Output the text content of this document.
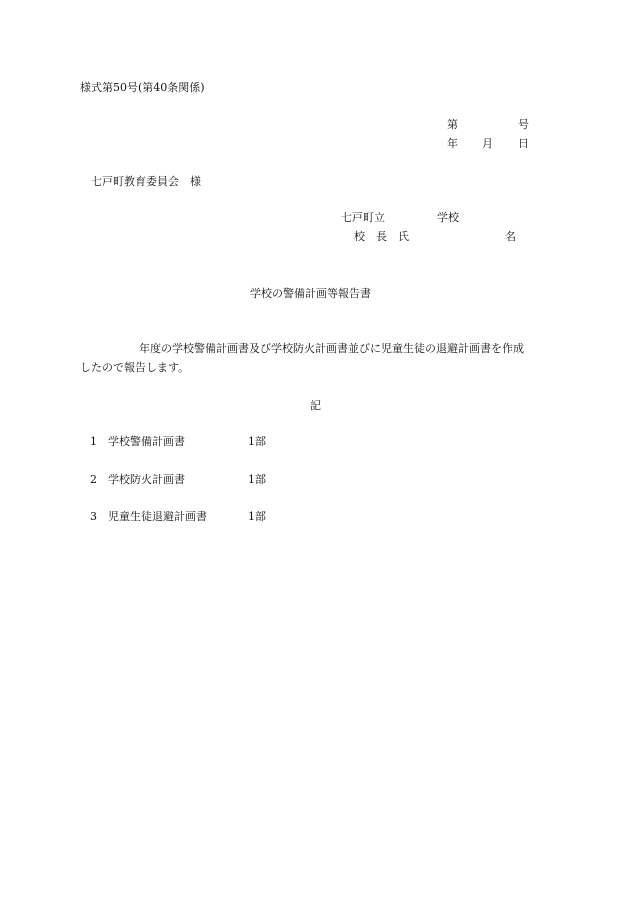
様式第50号(第40条関係)
第	号
年 月 日
七戸町教育委員会　様
七戸町立	学校
校　長　氏	名
学校の警備計画等報告書
年度の学校警備計画書及び学校防火計画書並びに児童生徒の退避計画書を作成
したので報告します。
記
1 学校警備計画書	1部
2 学校防火計画書	1部
3 児童生徒退避計画書	1部
